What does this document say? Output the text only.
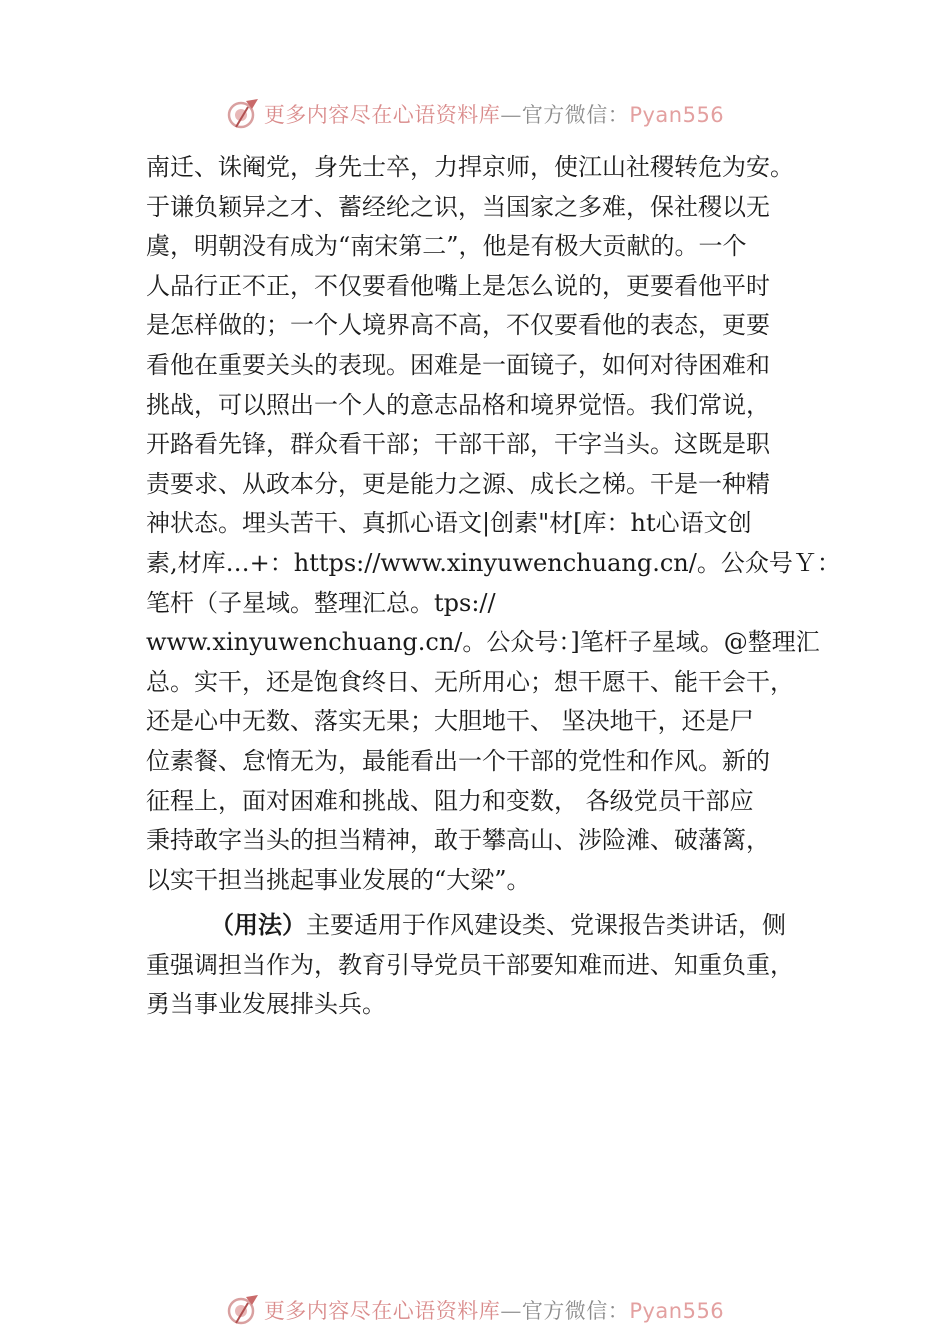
更多内容尽在心语资料库—官方微信：Pyan556

南迁、诛阉党，身先士卒，力捍京师，使江山社稷转危为安。
于谦负颖异之才、蓄经纶之识，当国家之多难，保社稷以无
虞，明朝没有成为“南宋第二”，他是有极大贡献的。一个
人品行正不正，不仅要看他嘴上是怎么说的，更要看他平时
是怎样做的；一个人境界高不高，不仅要看他的表态，更要
看他在重要关头的表现。困难是一面镜子，如何对待困难和
挑战，可以照出一个人的意志品格和境界觉悟。我们常说，
开路看先锋，群众看干部；干部干部，干字当头。这既是职
责要求、从政本分，更是能力之源、成长之梯。干是一种精
神状态。埋头苦干、真抓心语文|创素"材[库：ht心语文创
素,材库…+：https://www.xinyuwenchuang.cn/。公众号Ｙ：
笔杆（子星域。整理汇总。tps://
www.xinyuwenchuang.cn/。公众号：]笔杆子星域。@整理汇
总。实干，还是饱食终日、无所用心；想干愿干、能干会干，
还是心中无数、落实无果；大胆地干、 坚决地干，还是尸
位素餐、怠惰无为，最能看出一个干部的党性和作风。新的
征程上，面对困难和挑战、阻力和变数， 各级党员干部应
秉持敢字当头的担当精神，敢于攀高山、涉险滩、破藩篱，
以实干担当挑起事业发展的“大梁”。

（用法）主要适用于作风建设类、党课报告类讲话，侧
重强调担当作为，教育引导党员干部要知难而进、知重负重，
勇当事业发展排头兵。

更多内容尽在心语资料库—官方微信：Pyan556
